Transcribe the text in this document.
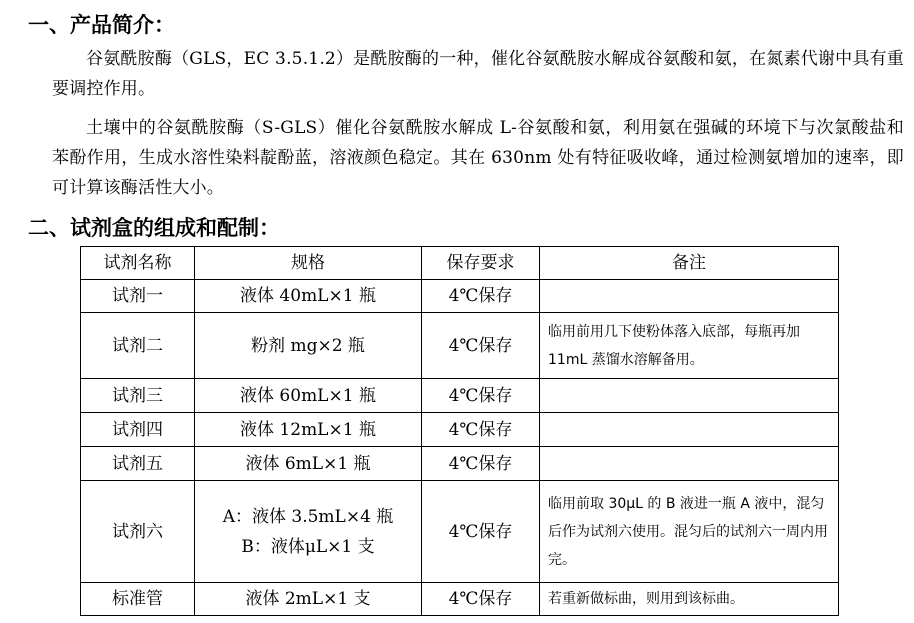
一、产品简介：

谷氨酰胺酶（GLS，EC 3.5.1.2）是酰胺酶的一种，催化谷氨酰胺水解成谷氨酸和氨，在氮素代谢中具有重要调控作用。

土壤中的谷氨酰胺酶（S-GLS）催化谷氨酰胺水解成 L-谷氨酸和氨，利用氨在强碱的环境下与次氯酸盐和苯酚作用，生成水溶性染料靛酚蓝，溶液颜色稳定。其在 630nm 处有特征吸收峰，通过检测氨增加的速率，即可计算该酶活性大小。

二、试剂盒的组成和配制：
试剂名称	规格	保存要求	备注
试剂一	液体 40mL×1 瓶	4℃保存	
试剂二	粉剂 mg×2 瓶	4℃保存	临用前用几下使粉体落入底部，每瓶再加 11mL 蒸馏水溶解备用。
试剂三	液体 60mL×1 瓶	4℃保存	
试剂四	液体 12mL×1 瓶	4℃保存	
试剂五	液体 6mL×1 瓶	4℃保存	
试剂六	A：液体 3.5mL×4 瓶
B：液体μL×1 支	4℃保存	临用前取 30μL 的 B 液进一瓶 A 液中，混匀后作为试剂六使用。混匀后的试剂六一周内用完。
标准管	液体 2mL×1 支	4℃保存	若重新做标曲，则用到该标曲。
